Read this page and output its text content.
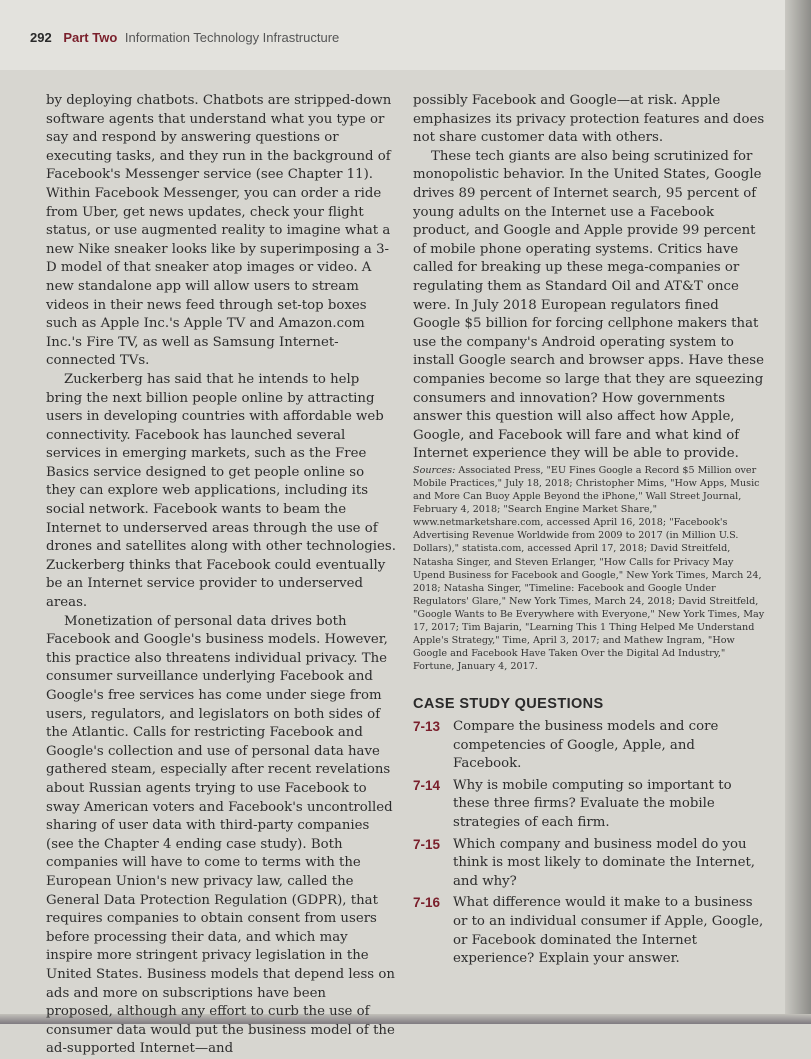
292 Part Two Information Technology Infrastructure

by deploying chatbots. Chatbots are stripped-down software agents that understand what you type or say and respond by answering questions or executing tasks, and they run in the background of Facebook's Messenger service (see Chapter 11). Within Facebook Messenger, you can order a ride from Uber, get news updates, check your flight status, or use augmented reality to imagine what a new Nike sneaker looks like by superimposing a 3-D model of that sneaker atop images or video. A new standalone app will allow users to stream videos in their news feed through set-top boxes such as Apple Inc.'s Apple TV and Amazon.com Inc.'s Fire TV, as well as Samsung Internet-connected TVs.

Zuckerberg has said that he intends to help bring the next billion people online by attracting users in developing countries with affordable web connectivity. Facebook has launched several services in emerging markets, such as the Free Basics service designed to get people online so they can explore web applications, including its social network. Facebook wants to beam the Internet to underserved areas through the use of drones and satellites along with other technologies. Zuckerberg thinks that Facebook could eventually be an Internet service provider to underserved areas.

Monetization of personal data drives both Facebook and Google's business models. However, this practice also threatens individual privacy. The consumer surveillance underlying Facebook and Google's free services has come under siege from users, regulators, and legislators on both sides of the Atlantic. Calls for restricting Facebook and Google's collection and use of personal data have gathered steam, especially after recent revelations about Russian agents trying to use Facebook to sway American voters and Facebook's uncontrolled sharing of user data with third-party companies (see the Chapter 4 ending case study). Both companies will have to come to terms with the European Union's new privacy law, called the General Data Protection Regulation (GDPR), that requires companies to obtain consent from users before processing their data, and which may inspire more stringent privacy legislation in the United States. Business models that depend less on ads and more on subscriptions have been proposed, although any effort to curb the use of consumer data would put the business model of the ad-supported Internet—and

possibly Facebook and Google—at risk. Apple emphasizes its privacy protection features and does not share customer data with others.

These tech giants are also being scrutinized for monopolistic behavior. In the United States, Google drives 89 percent of Internet search, 95 percent of young adults on the Internet use a Facebook product, and Google and Apple provide 99 percent of mobile phone operating systems. Critics have called for breaking up these mega-companies or regulating them as Standard Oil and AT&T once were. In July 2018 European regulators fined Google $5 billion for forcing cellphone makers that use the company's Android operating system to install Google search and browser apps. Have these companies become so large that they are squeezing consumers and innovation? How governments answer this question will also affect how Apple, Google, and Facebook will fare and what kind of Internet experience they will be able to provide.

Sources: Associated Press, "EU Fines Google a Record $5 Million over Mobile Practices," July 18, 2018; Christopher Mims, "How Apps, Music and More Can Buoy Apple Beyond the iPhone," Wall Street Journal, February 4, 2018; "Search Engine Market Share," www.netmarketshare.com, accessed April 16, 2018; "Facebook's Advertising Revenue Worldwide from 2009 to 2017 (in Million U.S. Dollars)," statista.com, accessed April 17, 2018; David Streitfeld, Natasha Singer, and Steven Erlanger, "How Calls for Privacy May Upend Business for Facebook and Google," New York Times, March 24, 2018; Natasha Singer, "Timeline: Facebook and Google Under Regulators' Glare," New York Times, March 24, 2018; David Streitfeld, "Google Wants to Be Everywhere with Everyone," New York Times, May 17, 2017; Tim Bajarin, "Learning This 1 Thing Helped Me Understand Apple's Strategy," Time, April 3, 2017; and Mathew Ingram, "How Google and Facebook Have Taken Over the Digital Ad Industry," Fortune, January 4, 2017.

CASE STUDY QUESTIONS
7-13 Compare the business models and core competencies of Google, Apple, and Facebook.
7-14 Why is mobile computing so important to these three firms? Evaluate the mobile strategies of each firm.
7-15 Which company and business model do you think is most likely to dominate the Internet, and why?
7-16 What difference would it make to a business or to an individual consumer if Apple, Google, or Facebook dominated the Internet experience? Explain your answer.
